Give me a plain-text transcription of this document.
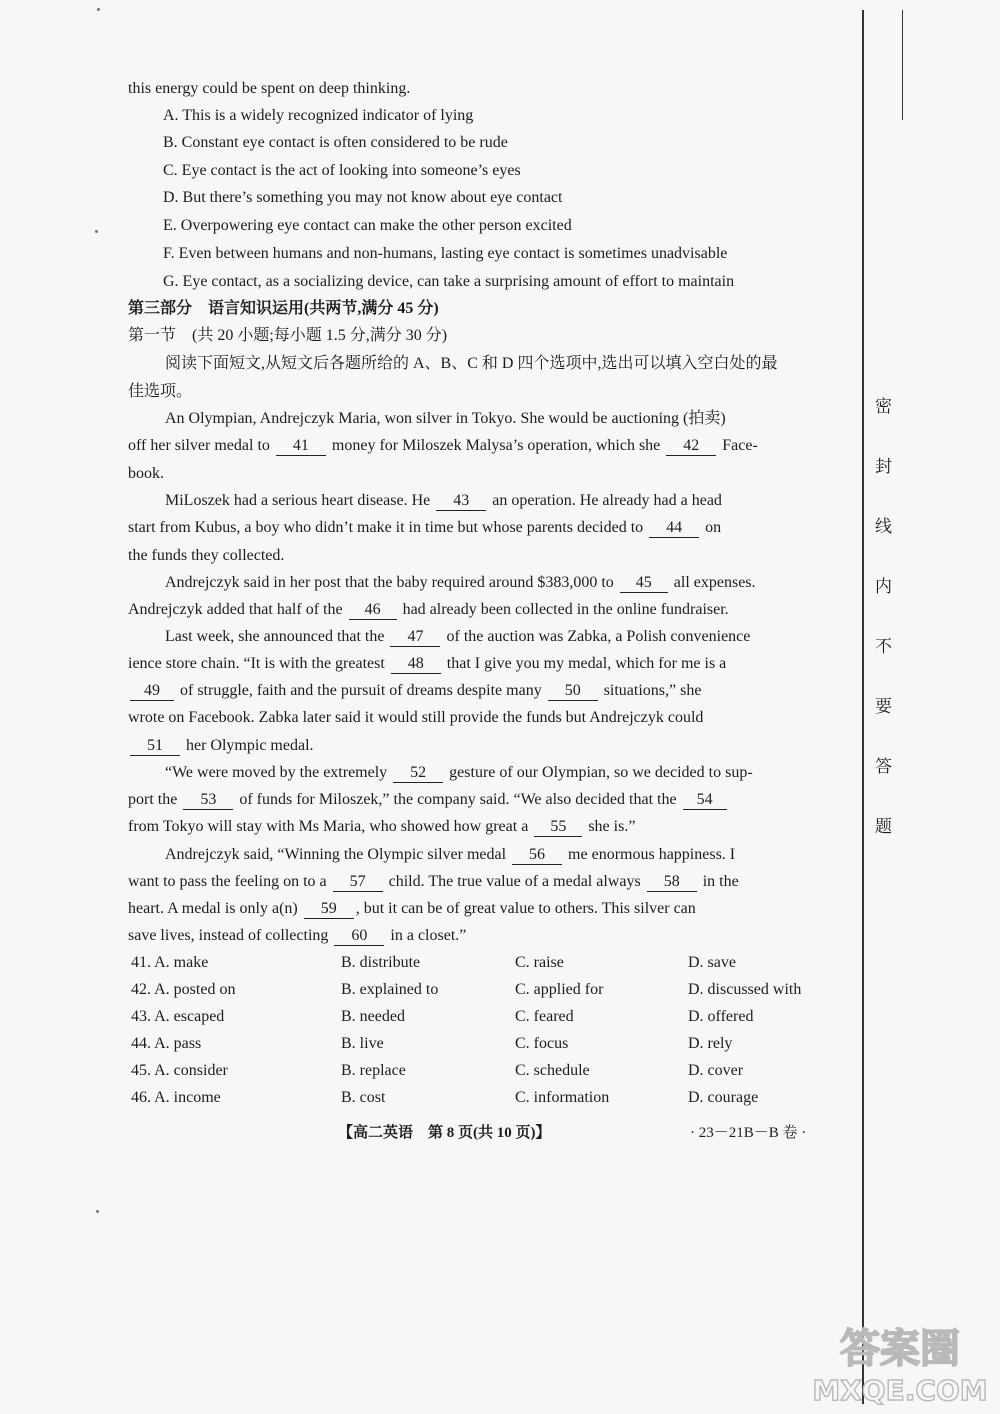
this energy could be spent on deep thinking.
A. This is a widely recognized indicator of lying
B. Constant eye contact is often considered to be rude
C. Eye contact is the act of looking into someone’s eyes
D. But there’s something you may not know about eye contact
E. Overpowering eye contact can make the other person excited
F. Even between humans and non-humans, lasting eye contact is sometimes unadvisable
G. Eye contact, as a socializing device, can take a surprising amount of effort to maintain
第三部分　语言知识运用(共两节,满分 45 分)
第一节　(共 20 小题;每小题 1.5 分,满分 30 分)
阅读下面短文,从短文后各题所给的 A、B、C 和 D 四个选项中,选出可以填入空白处的最
佳选项。
An Olympian, Andrejczyk Maria, won silver in Tokyo. She would be auctioning (拍卖)
off her silver medal to 41 money for Miloszek Malysa’s operation, which she 42 Face-
book.
MiLoszek had a serious heart disease. He 43 an operation. He already had a head
start from Kubus, a boy who didn’t make it in time but whose parents decided to 44 on
the funds they collected.
Andrejczyk said in her post that the baby required around $383,000 to 45 all expenses.
Andrejczyk added that half of the 46 had already been collected in the online fundraiser.
Last week, she announced that the 47 of the auction was Zabka, a Polish convenience
ience store chain. “It is with the greatest 48 that I give you my medal, which for me is a
49 of struggle, faith and the pursuit of dreams despite many 50 situations,” she
wrote on Facebook. Zabka later said it would still provide the funds but Andrejczyk could
51 her Olympic medal.
“We were moved by the extremely 52 gesture of our Olympian, so we decided to sup-
port the 53 of funds for Miloszek,” the company said. “We also decided that the 54
from Tokyo will stay with Ms Maria, who showed how great a 55 she is.”
Andrejczyk said, “Winning the Olympic silver medal 56 me enormous happiness. I
want to pass the feeling on to a 57 child. The true value of a medal always 58 in the
heart. A medal is only a(n) 59 , but it can be of great value to others. This silver can
save lives, instead of collecting 60 in a closet.”
41. A. make	B. distribute	C. raise	D. save
42. A. posted on	B. explained to	C. applied for	D. discussed with
43. A. escaped	B. needed	C. feared	D. offered
44. A. pass	B. live	C. focus	D. rely
45. A. consider	B. replace	C. schedule	D. cover
46. A. income	B. cost	C. information	D. courage
【高二英语　第 8 页(共 10 页)】	· 23－21B－B 卷 ·
密
封
线
内
不
要
答
题
答案圈
MXQE.COM
